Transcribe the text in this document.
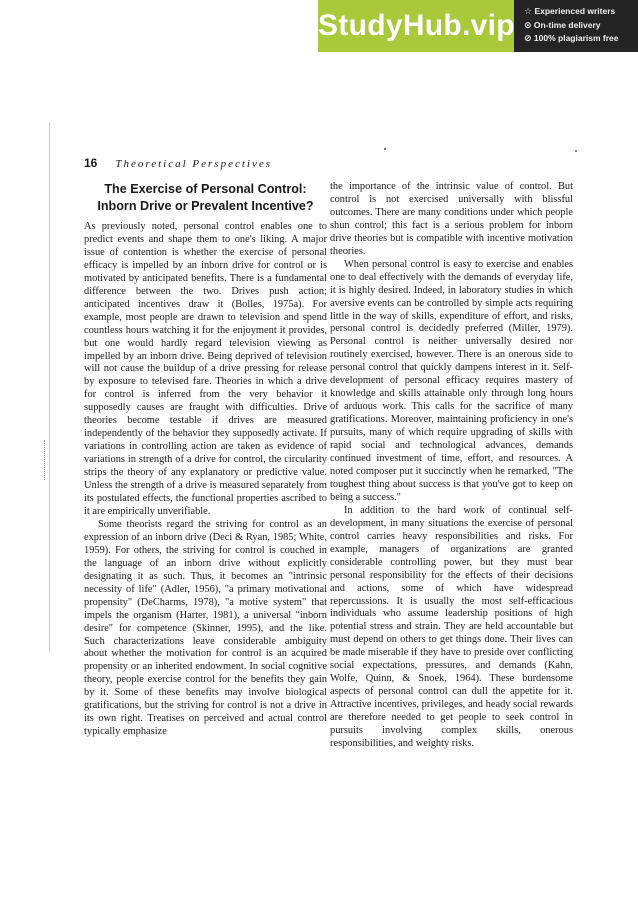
StudyHub.vip ☆ Experienced writers
⊙ On-time delivery
⊘ 100% plagiarism free
16 Theoretical Perspectives
The Exercise of Personal Control: Inborn Drive or Prevalent Incentive?

As previously noted, personal control enables one to predict events and shape them to one's liking. A major issue of contention is whether the exercise of personal efficacy is impelled by an inborn drive for control or is motivated by anticipated benefits. There is a fundamental difference between the two. Drives push action; anticipated incentives draw it (Bolles, 1975a). For example, most people are drawn to television and spend countless hours watching it for the enjoyment it provides, but one would hardly regard television viewing as impelled by an inborn drive. Being deprived of television will not cause the buildup of a drive pressing for release by exposure to televised fare. Theories in which a drive for control is inferred from the very behavior it supposedly causes are fraught with difficulties. Drive theories become testable if drives are measured independently of the behavior they supposedly activate. If variations in controlling action are taken as evidence of variations in strength of a drive for control, the circularity strips the theory of any explanatory or predictive value. Unless the strength of a drive is measured separately from its postulated effects, the functional properties ascribed to it are empirically unverifiable.

Some theorists regard the striving for control as an expression of an inborn drive (Deci & Ryan, 1985; White, 1959). For others, the striving for control is couched in the language of an inborn drive without explicitly designating it as such. Thus, it becomes an "intrinsic necessity of life" (Adler, 1956), "a primary motivational propensity" (DeCharms, 1978), "a motive system" that impels the organism (Harter, 1981), a universal "inborn desire" for competence (Skinner, 1995), and the like. Such characterizations leave considerable ambiguity about whether the motivation for control is an acquired propensity or an inherited endowment. In social cognitive theory, people exercise control for the benefits they gain by it. Some of these benefits may involve biological gratifications, but the striving for control is not a drive in its own right. Treatises on perceived and actual control typically emphasize

the importance of the intrinsic value of control. But control is not exercised universally with blissful outcomes. There are many conditions under which people shun control; this fact is a serious problem for inborn drive theories but is compatible with incentive motivation theories.

When personal control is easy to exercise and enables one to deal effectively with the demands of everyday life, it is highly desired. Indeed, in laboratory studies in which aversive events can be controlled by simple acts requiring little in the way of skills, expenditure of effort, and risks, personal control is decidedly preferred (Miller, 1979). Personal control is neither universally desired nor routinely exercised, however. There is an onerous side to personal control that quickly dampens interest in it. Self-development of personal efficacy requires mastery of knowledge and skills attainable only through long hours of arduous work. This calls for the sacrifice of many gratifications. Moreover, maintaining proficiency in one's pursuits, many of which require upgrading of skills with rapid social and technological advances, demands continued investment of time, effort, and resources. A noted composer put it succinctly when he remarked, "The toughest thing about success is that you've got to keep on being a success."

In addition to the hard work of continual self-development, in many situations the exercise of personal control carries heavy responsibilities and risks. For example, managers of organizations are granted considerable controlling power, but they must bear personal responsibility for the effects of their decisions and actions, some of which have widespread repercussions. It is usually the most self-efficacious individuals who assume leadership positions of high potential stress and strain. They are held accountable but must depend on others to get things done. Their lives can be made miserable if they have to preside over conflicting social expectations, pressures, and demands (Kahn, Wolfe, Quinn, & Snoek, 1964). These burdensome aspects of personal control can dull the appetite for it. Attractive incentives, privileges, and heady social rewards are therefore needed to get people to seek control in pursuits involving complex skills, onerous responsibilities, and weighty risks.
